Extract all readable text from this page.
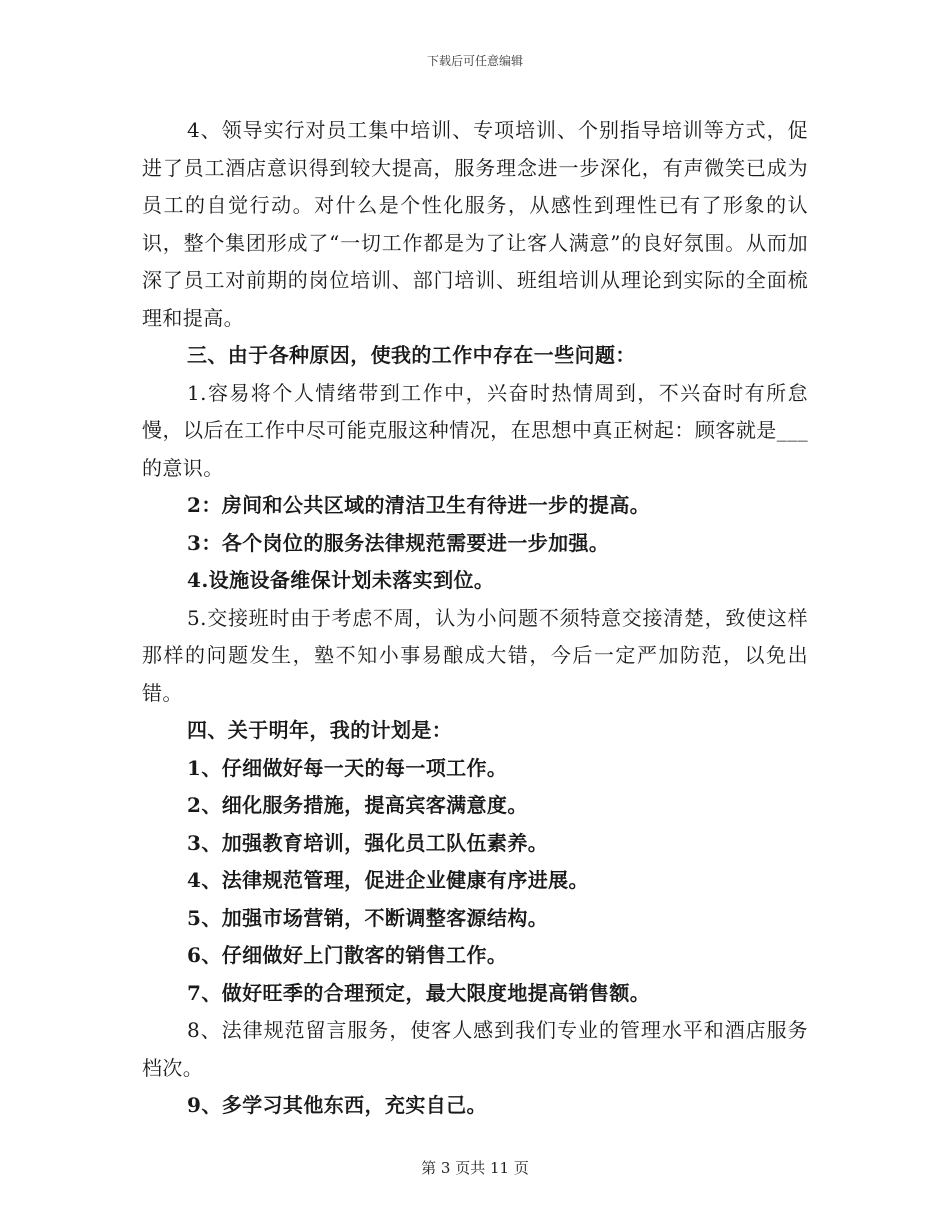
下载后可任意编辑

4、领导实行对员工集中培训、专项培训、个别指导培训等方式，促进了员工酒店意识得到较大提高，服务理念进一步深化，有声微笑已成为员工的自觉行动。对什么是个性化服务，从感性到理性已有了形象的认识，整个集团形成了“一切工作都是为了让客人满意”的良好氛围。从而加深了员工对前期的岗位培训、部门培训、班组培训从理论到实际的全面梳理和提高。

三、由于各种原因，使我的工作中存在一些问题：

1.容易将个人情绪带到工作中，兴奋时热情周到，不兴奋时有所怠慢，以后在工作中尽可能克服这种情况，在思想中真正树起：顾客就是___的意识。

2：房间和公共区域的清洁卫生有待进一步的提高。

3：各个岗位的服务法律规范需要进一步加强。

4.设施设备维保计划未落实到位。

5.交接班时由于考虑不周，认为小问题不须特意交接清楚，致使这样那样的问题发生，塾不知小事易酿成大错，今后一定严加防范，以免出错。

四、关于明年，我的计划是：

1、仔细做好每一天的每一项工作。

2、细化服务措施，提高宾客满意度。

3、加强教育培训，强化员工队伍素养。

4、法律规范管理，促进企业健康有序进展。

5、加强市场营销，不断调整客源结构。

6、仔细做好上门散客的销售工作。

7、做好旺季的合理预定，最大限度地提高销售额。

8、法律规范留言服务，使客人感到我们专业的管理水平和酒店服务档次。

9、多学习其他东西，充实自己。

第 3 页共 11 页
